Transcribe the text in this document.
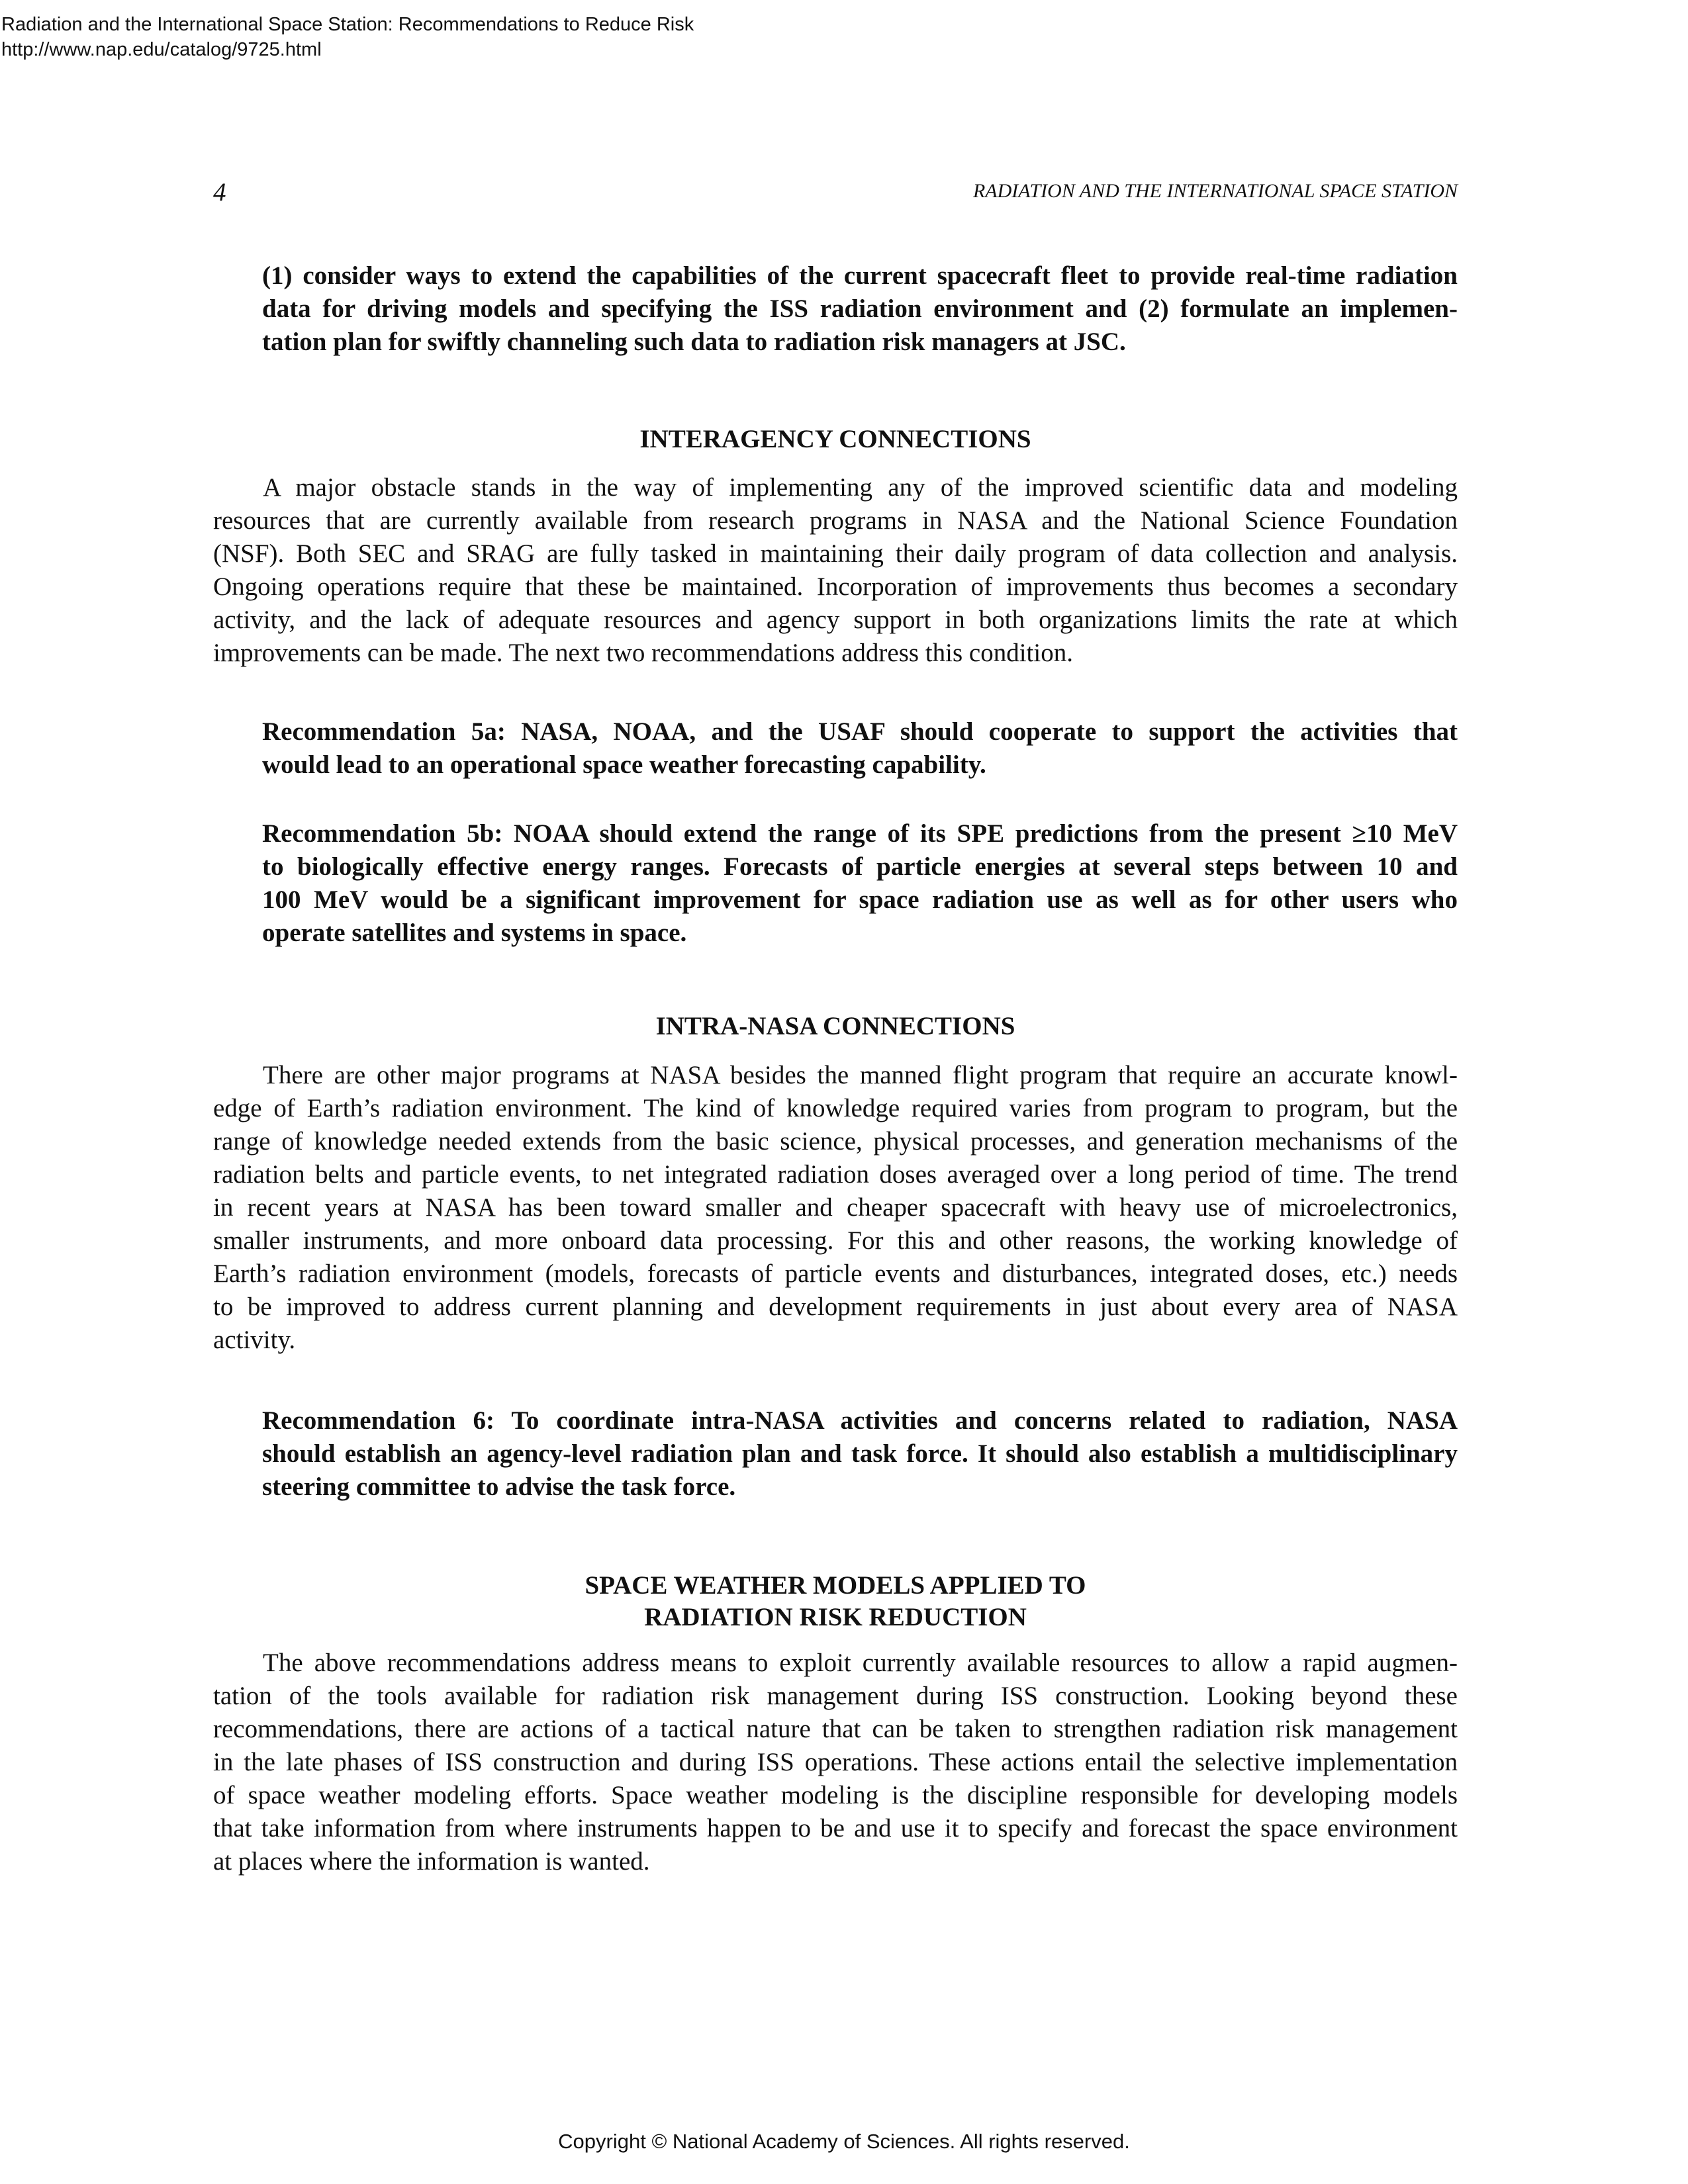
Radiation and the International Space Station: Recommendations to Reduce Risk
http://www.nap.edu/catalog/9725.html
4	RADIATION AND THE INTERNATIONAL SPACE STATION
(1) consider ways to extend the capabilities of the current spacecraft fleet to provide real-time radiation
data for driving models and specifying the ISS radiation environment and (2) formulate an implemen-
tation plan for swiftly channeling such data to radiation risk managers at JSC.
INTERAGENCY CONNECTIONS
A major obstacle stands in the way of implementing any of the improved scientific data and modeling
resources that are currently available from research programs in NASA and the National Science Foundation
(NSF). Both SEC and SRAG are fully tasked in maintaining their daily program of data collection and analysis.
Ongoing operations require that these be maintained. Incorporation of improvements thus becomes a secondary
activity, and the lack of adequate resources and agency support in both organizations limits the rate at which
improvements can be made. The next two recommendations address this condition.
Recommendation 5a: NASA, NOAA, and the USAF should cooperate to support the activities that
would lead to an operational space weather forecasting capability.
Recommendation 5b: NOAA should extend the range of its SPE predictions from the present ≥10 MeV
to biologically effective energy ranges. Forecasts of particle energies at several steps between 10 and
100 MeV would be a significant improvement for space radiation use as well as for other users who
operate satellites and systems in space.
INTRA-NASA CONNECTIONS
There are other major programs at NASA besides the manned flight program that require an accurate knowl-
edge of Earth’s radiation environment. The kind of knowledge required varies from program to program, but the
range of knowledge needed extends from the basic science, physical processes, and generation mechanisms of the
radiation belts and particle events, to net integrated radiation doses averaged over a long period of time. The trend
in recent years at NASA has been toward smaller and cheaper spacecraft with heavy use of microelectronics,
smaller instruments, and more onboard data processing. For this and other reasons, the working knowledge of
Earth’s radiation environment (models, forecasts of particle events and disturbances, integrated doses, etc.) needs
to be improved to address current planning and development requirements in just about every area of NASA
activity.
Recommendation 6: To coordinate intra-NASA activities and concerns related to radiation, NASA
should establish an agency-level radiation plan and task force. It should also establish a multidisciplinary
steering committee to advise the task force.
SPACE WEATHER MODELS APPLIED TO
RADIATION RISK REDUCTION
The above recommendations address means to exploit currently available resources to allow a rapid augmen-
tation of the tools available for radiation risk management during ISS construction. Looking beyond these
recommendations, there are actions of a tactical nature that can be taken to strengthen radiation risk management
in the late phases of ISS construction and during ISS operations. These actions entail the selective implementation
of space weather modeling efforts. Space weather modeling is the discipline responsible for developing models
that take information from where instruments happen to be and use it to specify and forecast the space environment
at places where the information is wanted.
Copyright © National Academy of Sciences. All rights reserved.
